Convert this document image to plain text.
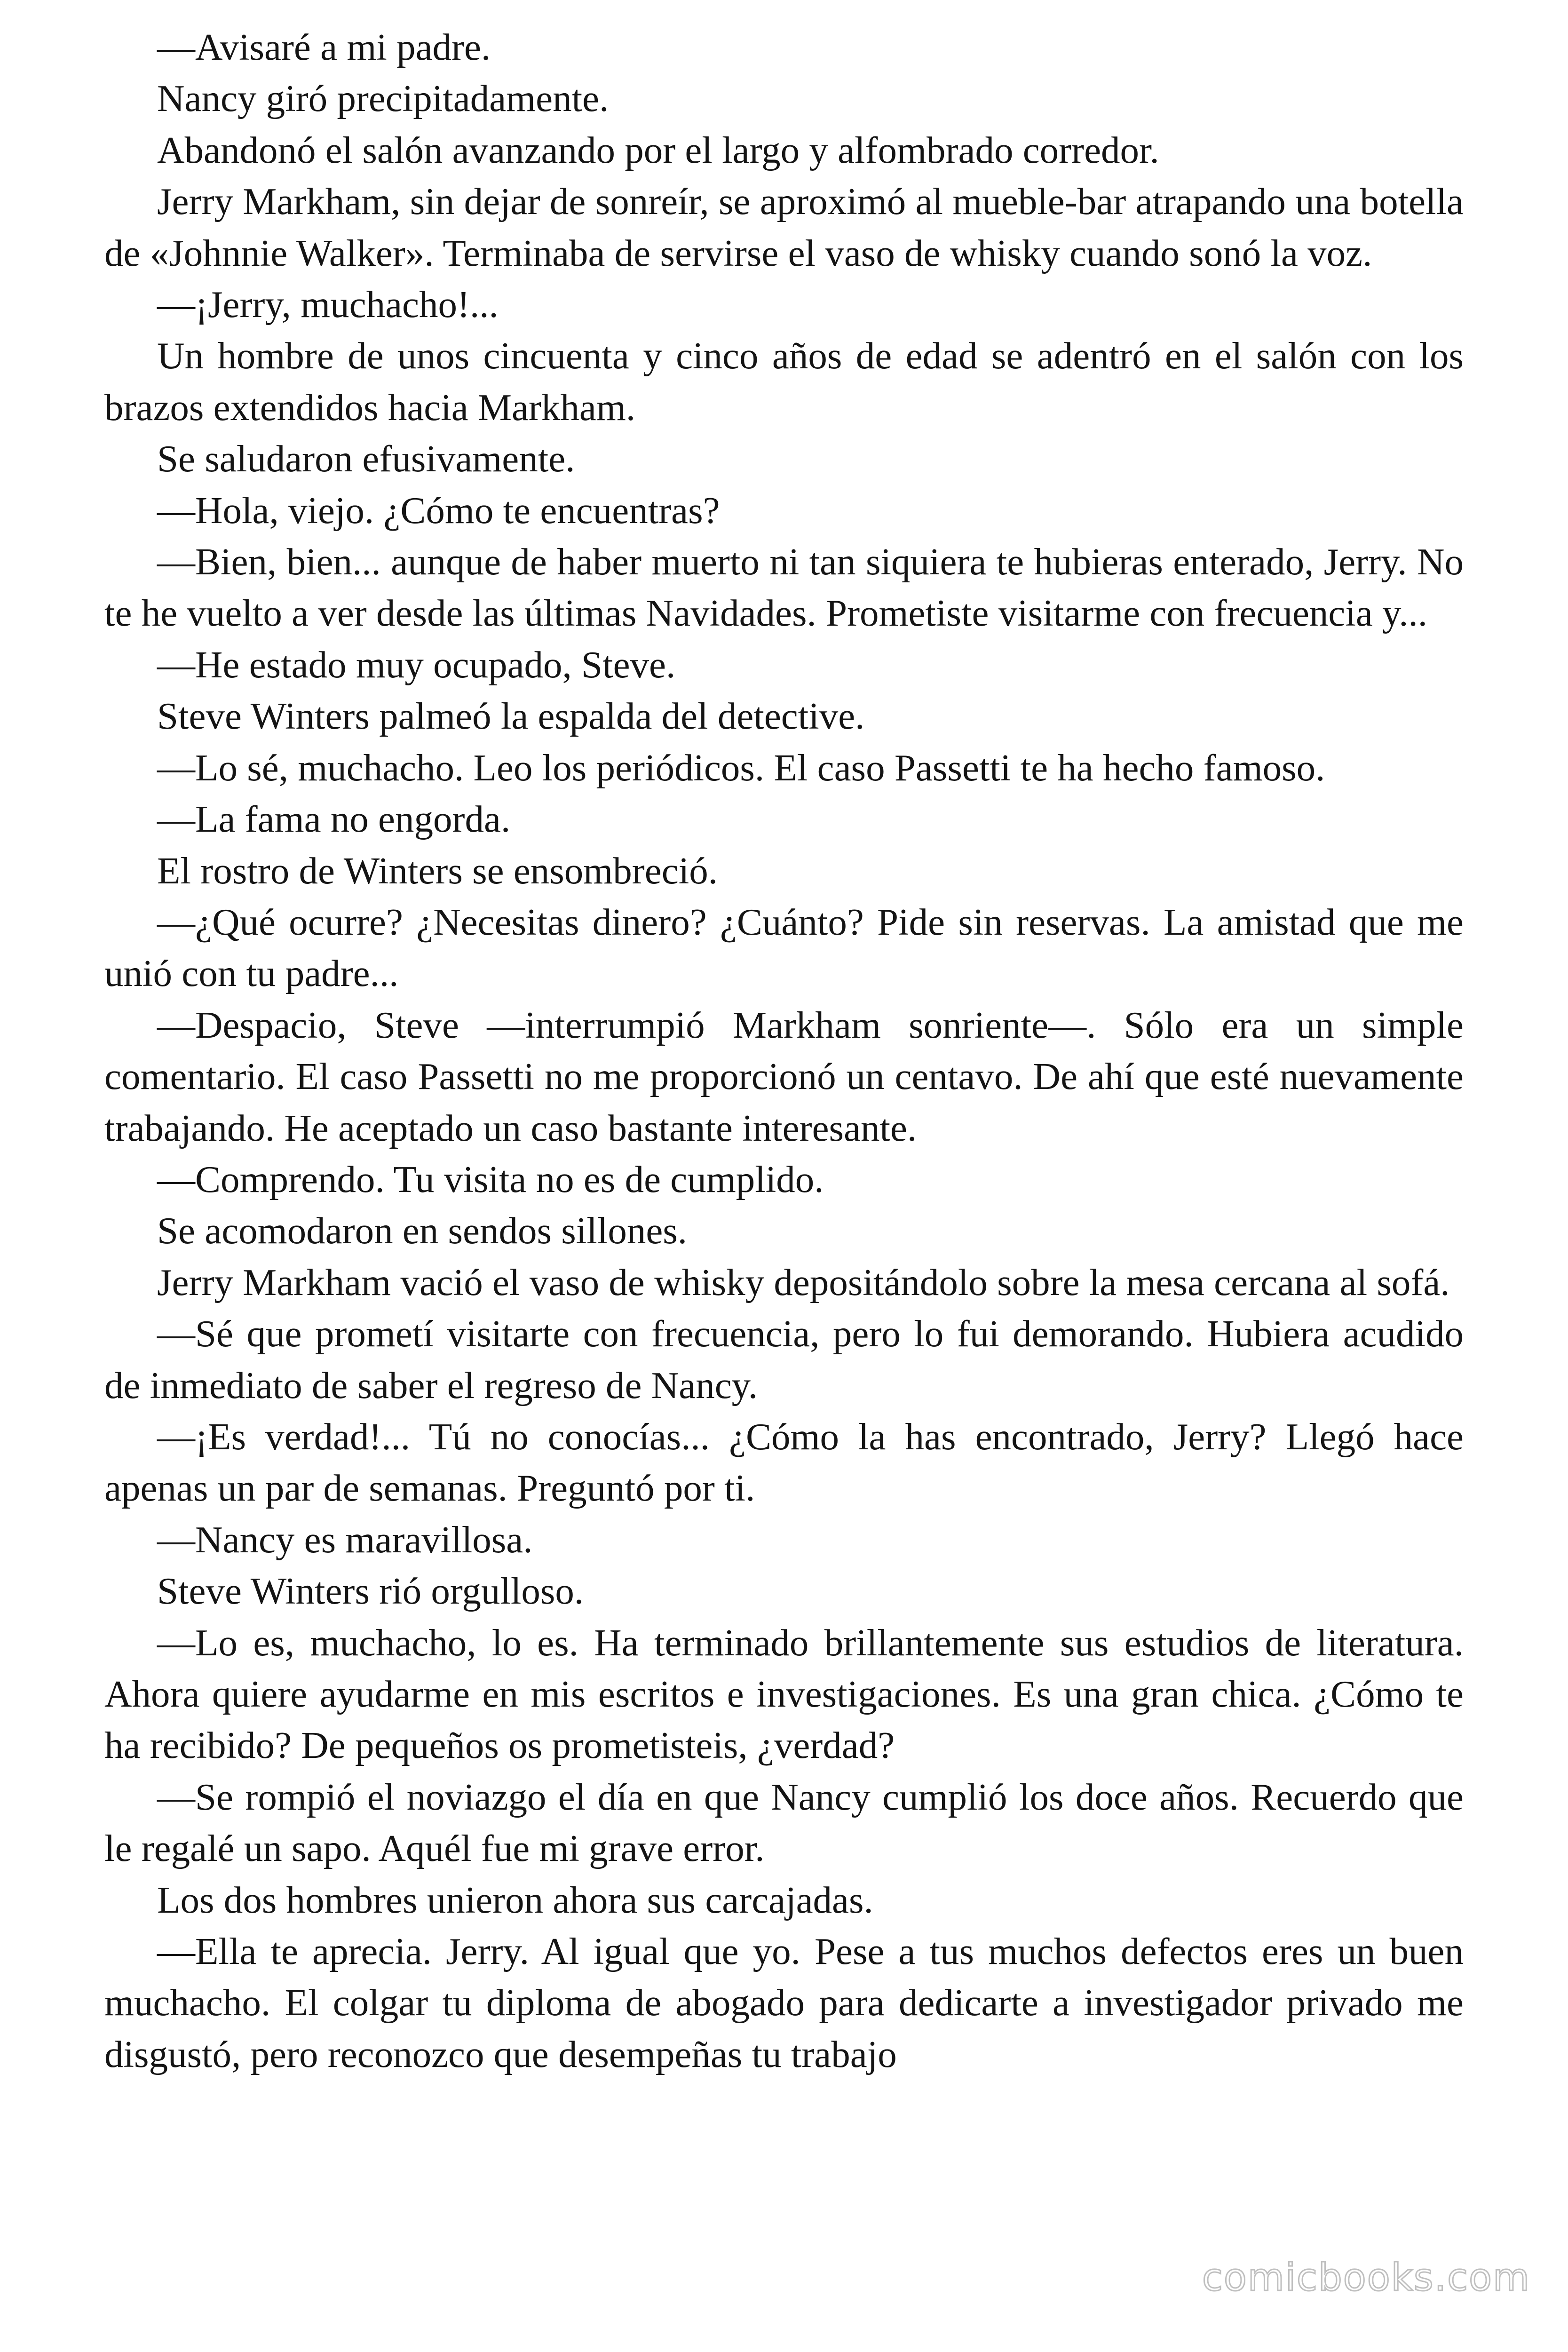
—Avisaré a mi padre.

Nancy giró precipitadamente.

Abandonó el salón avanzando por el largo y alfombrado corredor.

Jerry Markham, sin dejar de sonreír, se aproximó al mueble-bar atrapando una botella de «Johnnie Walker». Terminaba de servirse el vaso de whisky cuando sonó la voz.

—¡Jerry, muchacho!...

Un hombre de unos cincuenta y cinco años de edad se adentró en el salón con los brazos extendidos hacia Markham.

Se saludaron efusivamente.

—Hola, viejo. ¿Cómo te encuentras?

—Bien, bien... aunque de haber muerto ni tan siquiera te hubieras enterado, Jerry. No te he vuelto a ver desde las últimas Navidades. Prometiste visitarme con frecuencia y...

—He estado muy ocupado, Steve.

Steve Winters palmeó la espalda del detective.

—Lo sé, muchacho. Leo los periódicos. El caso Passetti te ha hecho famoso.

—La fama no engorda.

El rostro de Winters se ensombreció.

—¿Qué ocurre? ¿Necesitas dinero? ¿Cuánto? Pide sin reservas. La amistad que me unió con tu padre...

—Despacio, Steve —interrumpió Markham sonriente—. Sólo era un simple comentario. El caso Passetti no me proporcionó un centavo. De ahí que esté nuevamente trabajando. He aceptado un caso bastante interesante.

—Comprendo. Tu visita no es de cumplido.

Se acomodaron en sendos sillones.

Jerry Markham vació el vaso de whisky depositándolo sobre la mesa cercana al sofá.

—Sé que prometí visitarte con frecuencia, pero lo fui demorando. Hubiera acudido de inmediato de saber el regreso de Nancy.

—¡Es verdad!... Tú no conocías... ¿Cómo la has encontrado, Jerry? Llegó hace apenas un par de semanas. Preguntó por ti.

—Nancy es maravillosa.

Steve Winters rió orgulloso.

—Lo es, muchacho, lo es. Ha terminado brillantemente sus estudios de literatura. Ahora quiere ayudarme en mis escritos e investigaciones. Es una gran chica. ¿Cómo te ha recibido? De pequeños os prometisteis, ¿verdad?

—Se rompió el noviazgo el día en que Nancy cumplió los doce años. Recuerdo que le regalé un sapo. Aquél fue mi grave error.

Los dos hombres unieron ahora sus carcajadas.

—Ella te aprecia. Jerry. Al igual que yo. Pese a tus muchos defectos eres un buen muchacho. El colgar tu diploma de abogado para dedicarte a investigador privado me disgustó, pero reconozco que desempeñas tu trabajo

comicbooks.com
